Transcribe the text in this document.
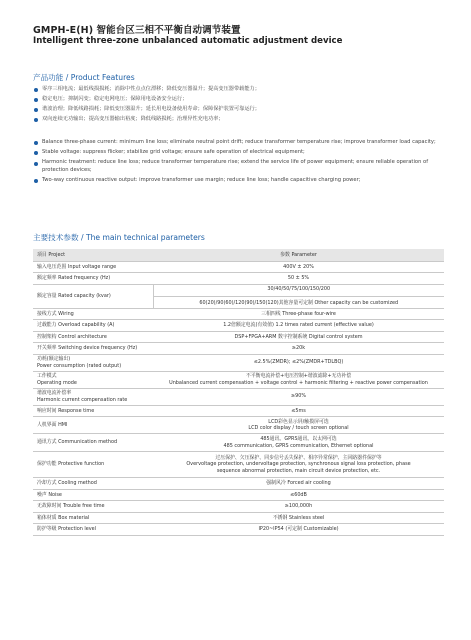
GMPH-E(H) 智能台区三相不平衡自动调节装置
Intelligent three-zone unbalanced automatic adjustment device
产品功能 / Product Features
零序三相电流；最低线损损耗；消除中性点点位漂移；降低变压器温升；提高变压器带载能力；
稳定电压；抑制闪变；稳定电网电压；保障用电设备安全运行；
谐波治理；降低线路损耗；降低变压器温升；延长用电设备使用寿命；保障保护装置可靠运行；
双向连续无功输出；提高变压器输出裕度；降低线路损耗；治理异性充电功率；
Balance three-phase current: minimum line loss; eliminate neutral point drift; reduce transformer temperature rise; improve transformer load capacity;
Stable voltage: suppress flicker; stabilize grid voltage; ensure safe operation of electrical equipment;
Harmonic treatment: reduce line loss; reduce transformer temperature rise; extend the service life of power equipment; ensure reliable operation of protection devices;
Two-way continuous reactive output: improve transformer use margin; reduce line loss; handle capacitive charging power;
主要技术参数 / The main technical parameters
项目 Project	参数 Parameter

输入电压范围 Input voltage range	400V ± 20%

额定频率 Rated frequency (Hz)	50 ± 5%

额定容量 Rated capacity (kvar)	30/40/50/75/100/150/200
60(20)/90(60)/120(90)/150(120)其他容量可定制 Other capacity can be customized

接线方式 Wiring	三相四线 Three-phase four-wire

过载能力 Overload capability (A)	1.2倍额定电流(有效值) 1.2 times rated current (effective value)

控制架构 Control architecture	DSP+FPGA+ARM 数字控制系统 Digital control system

开关频率 Switching device frequency (Hz)	≥20k

功耗(额定输出)
Power consumption (rated output)	≤2.5%(ZMDR); ≤2%(ZMDR+TDLBQ)

工作模式
Operating mode	不平衡电流补偿+电压控制+谐波滤除+无功补偿
Unbalanced current compensation + voltage control + harmonic filtering + reactive power compensation

谐波电流补偿率
Harmonic current compensation rate	≥90%

响应时间 Response time	≤5ms

人机界面 HMI	LCD彩色显示屏/触摸屏可选
LCD color display / touch screen optional

通讯方式 Communication method	485通讯、GPRS通讯、以太网可选
485 communication, GPRS communication, Ethernet optional

保护功能 Protective function	过压保护、欠压保护、同步信号丢失保护、相序异常保护、主回路器件保护等
Overvoltage protection, undervoltage protection, synchronous signal loss protection, phase
sequence abnormal protection, main circuit device protection, etc.

冷却方式 Cooling method	强制风冷 Forced air cooling

噪声 Noise	≤60dB

无故障时间 Trouble free time	≥100,000h

箱体材质 Box material	不锈钢 Stainless steel

防护等级 Protection level	IP20~IP54 (可定制 Customizable)
